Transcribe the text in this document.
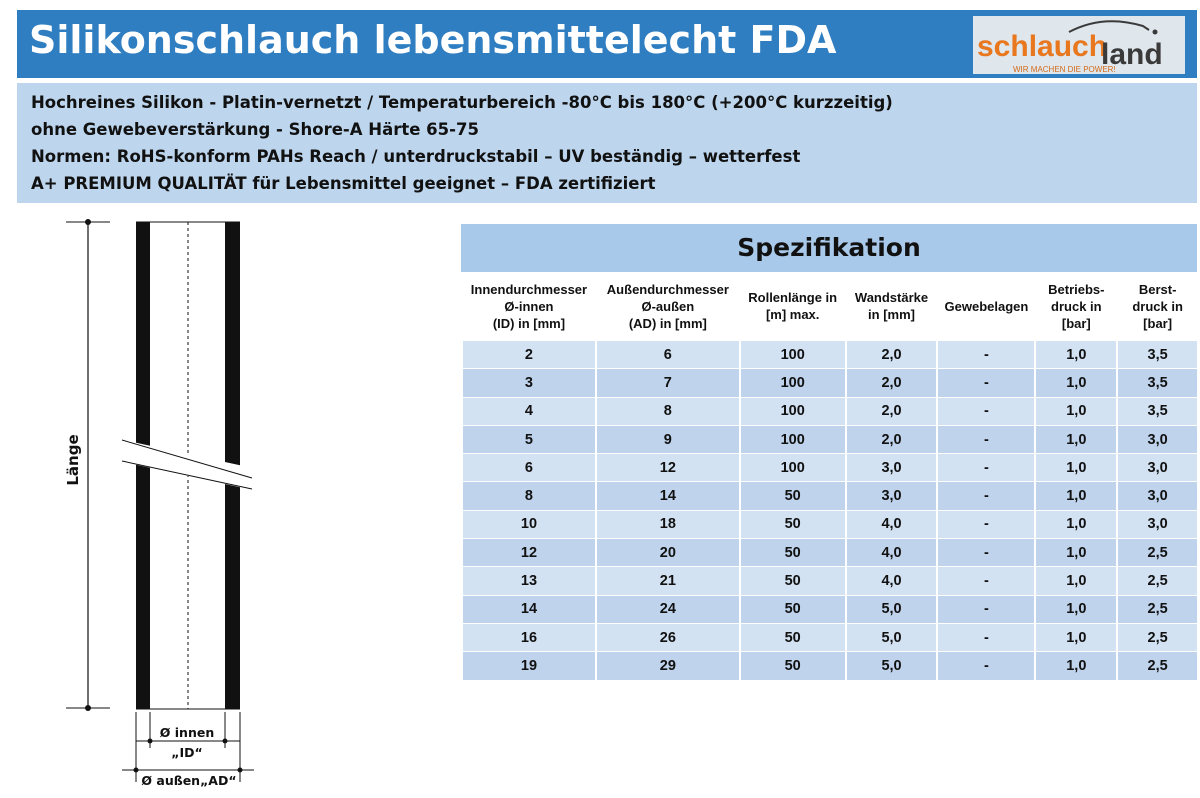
Silikonschlauch lebensmittelecht FDA	schlauch
land
WIR MACHEN DIE POWER!
Hochreines Silikon - Platin-vernetzt / Temperaturbereich -80°C bis 180°C (+200°C kurzzeitig)
ohne Gewebeverstärkung - Shore-A Härte 65-75
Normen: RoHS-konform PAHs Reach / unterdruckstabil – UV beständig – wetterfest
A+ PREMIUM QUALITÄT für Lebensmittel geeignet – FDA zertifiziert
Länge
Ø innen
„ID“
Ø außen„AD“
Spezifikation
Innendurchmesser
Ø-innen
(ID) in [mm]	Außendurchmesser
Ø-außen
(AD) in [mm]	Rollenlänge in
[m] max.	Wandstärke
in [mm]	Gewebelagen	Betriebs-
druck in
[bar]	Berst-
druck in
[bar]
2	6	100	2,0	-	1,0	3,5
3	7	100	2,0	-	1,0	3,5
4	8	100	2,0	-	1,0	3,5
5	9	100	2,0	-	1,0	3,0
6	12	100	3,0	-	1,0	3,0
8	14	50	3,0	-	1,0	3,0
10	18	50	4,0	-	1,0	3,0
12	20	50	4,0	-	1,0	2,5
13	21	50	4,0	-	1,0	2,5
14	24	50	5,0	-	1,0	2,5
16	26	50	5,0	-	1,0	2,5
19	29	50	5,0	-	1,0	2,5
